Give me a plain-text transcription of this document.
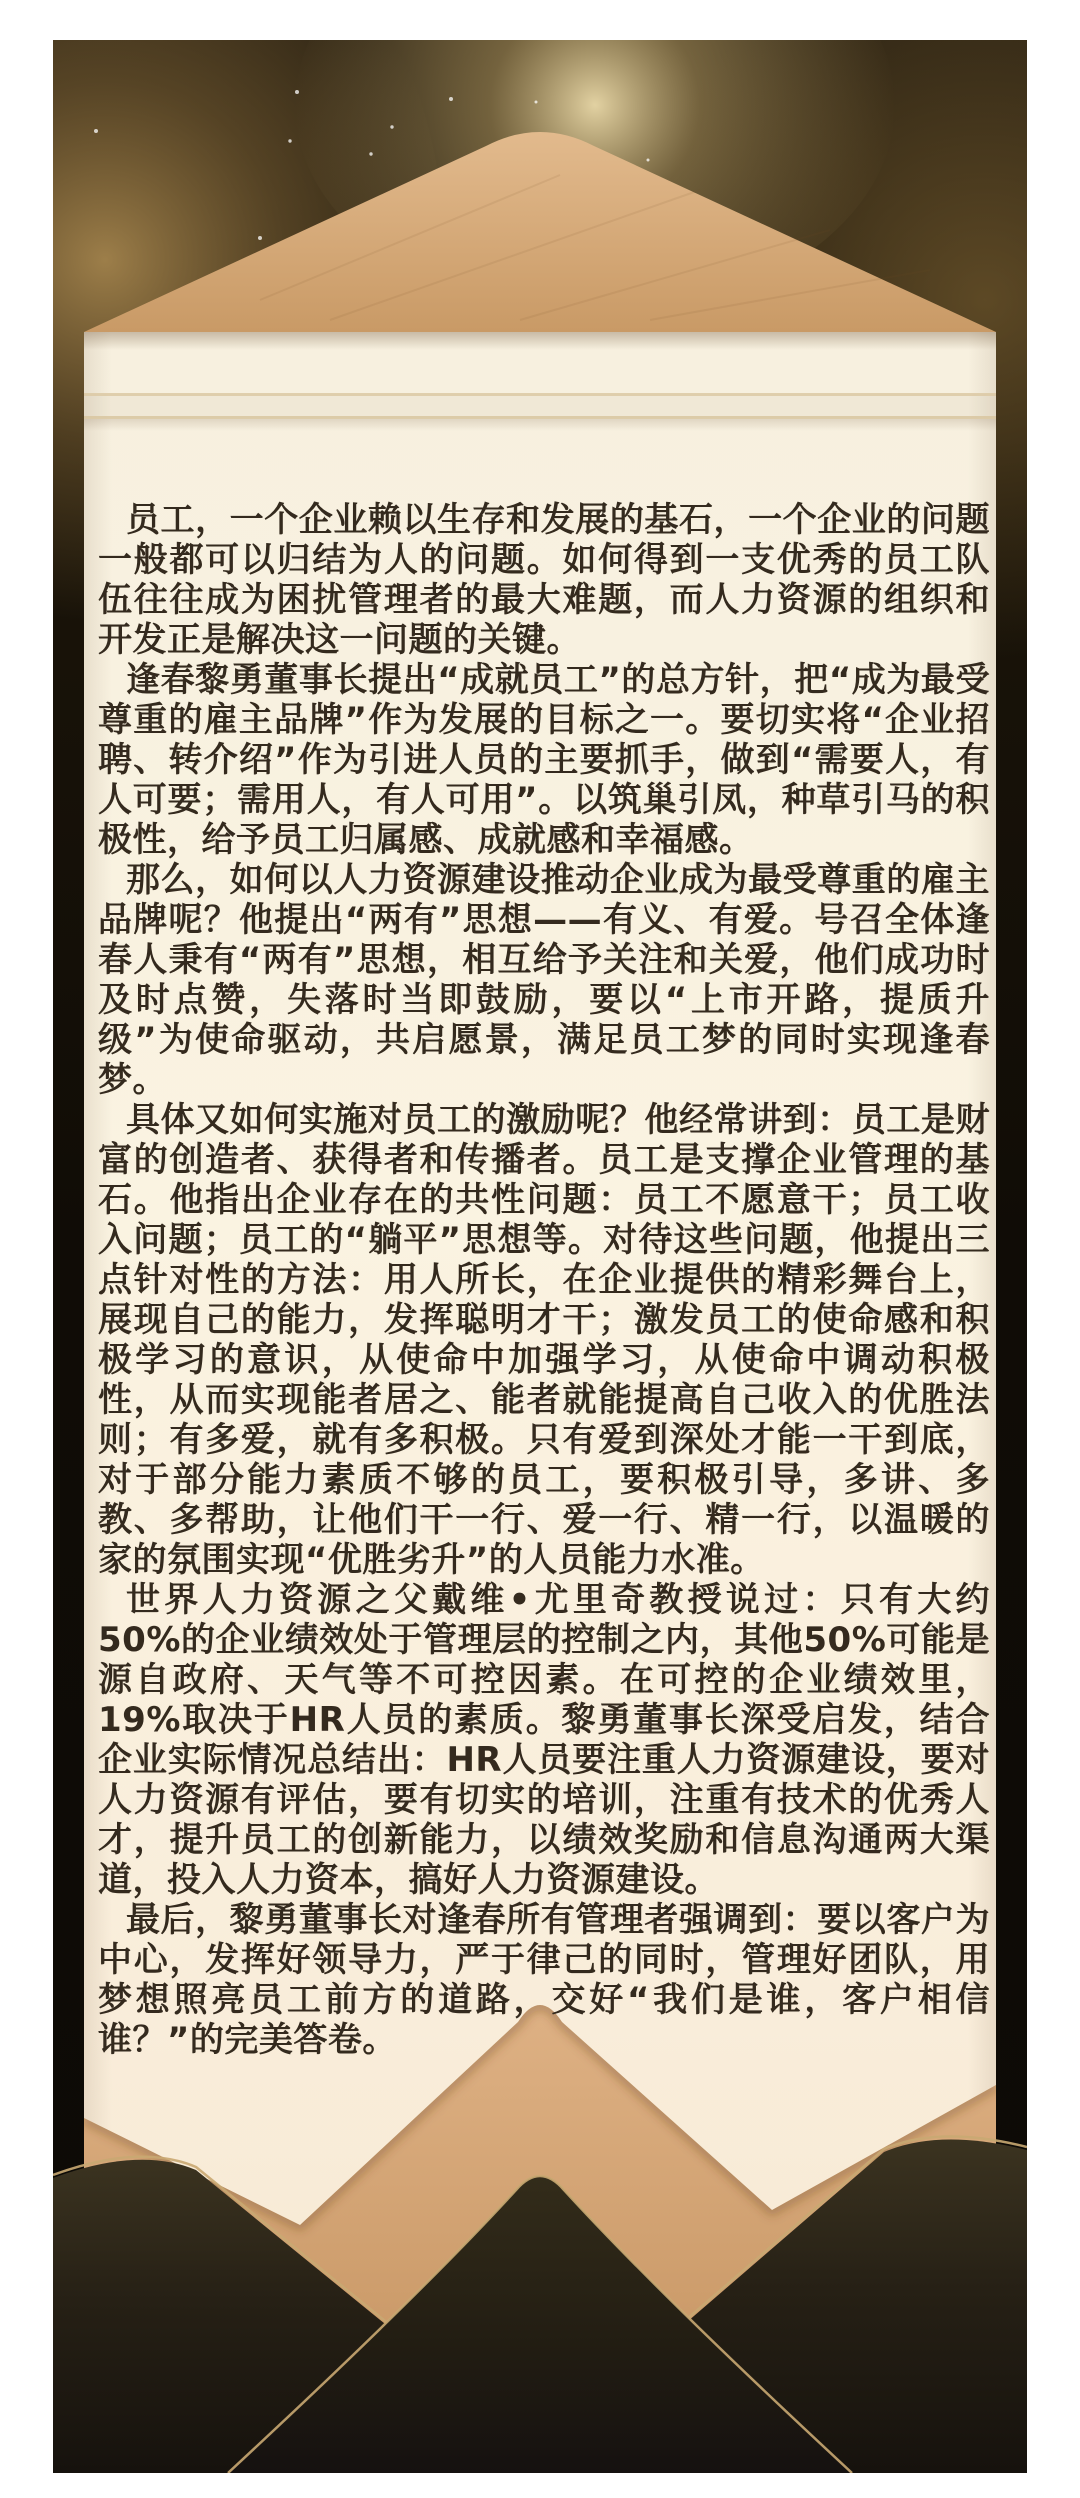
员工，一个企业赖以生存和发展的基石，一个企业的问题一般都可以归结为人的问题。如何得到一支优秀的员工队伍往往成为困扰管理者的最大难题，而人力资源的组织和开发正是解决这一问题的关键。

逢春黎勇董事长提出“成就员工”的总方针，把“成为最受尊重的雇主品牌”作为发展的目标之一。要切实将“企业招聘、转介绍”作为引进人员的主要抓手，做到“需要人，有人可要；需用人，有人可用”。以筑巢引凤，种草引马的积极性，给予员工归属感、成就感和幸福感。

那么，如何以人力资源建设推动企业成为最受尊重的雇主品牌呢？他提出“两有”思想——有义、有爱。号召全体逢春人秉有“两有”思想，相互给予关注和关爱，他们成功时及时点赞，失落时当即鼓励，要以“上市开路，提质升级”为使命驱动，共启愿景，满足员工梦的同时实现逢春梦。

具体又如何实施对员工的激励呢？他经常讲到：员工是财富的创造者、获得者和传播者。员工是支撑企业管理的基石。他指出企业存在的共性问题：员工不愿意干；员工收入问题；员工的“躺平”思想等。对待这些问题，他提出三点针对性的方法：用人所长，在企业提供的精彩舞台上，展现自己的能力，发挥聪明才干；激发员工的使命感和积极学习的意识，从使命中加强学习，从使命中调动积极性，从而实现能者居之、能者就能提高自己收入的优胜法则；有多爱，就有多积极。只有爱到深处才能一干到底，对于部分能力素质不够的员工，要积极引导，多讲、多教、多帮助，让他们干一行、爱一行、精一行，以温暖的家的氛围实现“优胜劣升”的人员能力水准。

世界人力资源之父戴维•尤里奇教授说过：只有大约50%的企业绩效处于管理层的控制之内，其他50%可能是源自政府、天气等不可控因素。在可控的企业绩效里，19%取决于HR人员的素质。黎勇董事长深受启发，结合企业实际情况总结出：HR人员要注重人力资源建设，要对人力资源有评估，要有切实的培训，注重有技术的优秀人才，提升员工的创新能力，以绩效奖励和信息沟通两大渠道，投入人力资本，搞好人力资源建设。

最后，黎勇董事长对逢春所有管理者强调到：要以客户为中心，发挥好领导力，严于律己的同时，管理好团队，用梦想照亮员工前方的道路，交好“我们是谁，客户相信谁？”的完美答卷。
